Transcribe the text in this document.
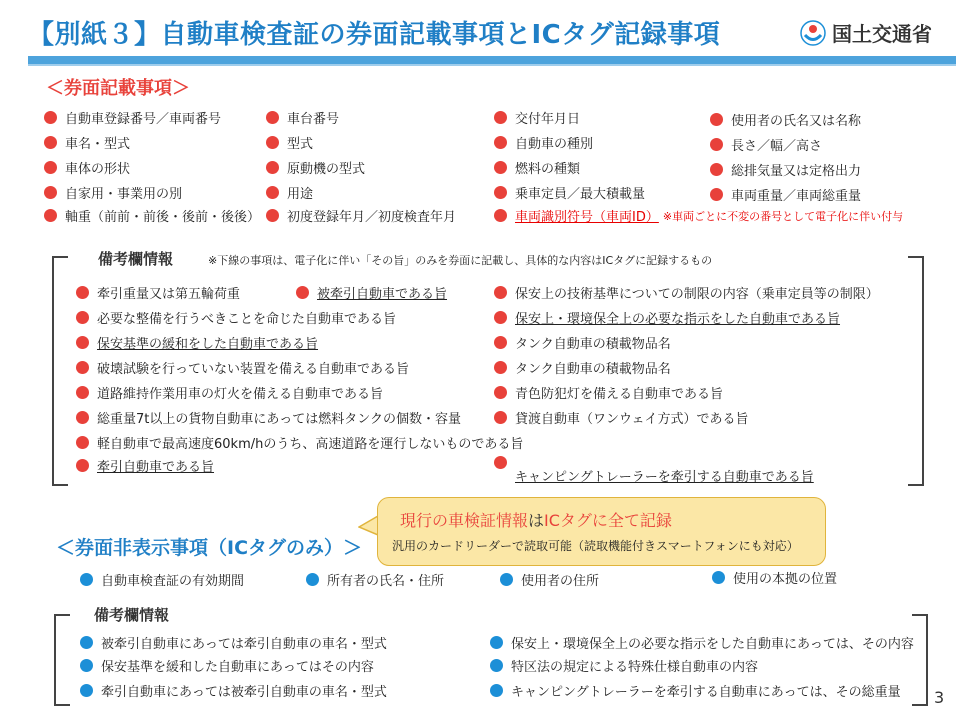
【別紙３】自動車検査証の券面記載事項とICタグ記録事項	国土交通省
＜券面記載事項＞
自動車登録番号／車両番号
車名・型式
車体の形状
自家用・事業用の別
軸重（前前・前後・後前・後後）
車台番号
型式
原動機の型式
用途
初度登録年月／初度検査年月
交付年月日
自動車の種別
燃料の種類
乗車定員／最大積載量
車両識別符号（車両ID） ※車両ごとに不変の番号として電子化に伴い付与
使用者の氏名又は名称
長さ／幅／高さ
総排気量又は定格出力
車両重量／車両総重量
備考欄情報	※下線の事項は、電子化に伴い「その旨」のみを券面に記載し、具体的な内容はICタグに記録するもの
牽引重量又は第五輪荷重	被牽引自動車である旨
必要な整備を行うべきことを命じた自動車である旨
保安基準の緩和をした自動車である旨
破壊試験を行っていない装置を備える自動車である旨
道路維持作業用車の灯火を備える自動車である旨
総重量7t以上の貨物自動車にあっては燃料タンクの個数・容量
軽自動車で最高速度60km/hのうち、高速道路を運行しないものである旨
牽引自動車である旨
保安上の技術基準についての制限の内容（乗車定員等の制限）
保安上・環境保全上の必要な指示をした自動車である旨
タンク自動車の積載物品名
タンク自動車の積載物品名
青色防犯灯を備える自動車である旨
貸渡自動車（ワンウェイ方式）である旨
キャンピングトレーラーを牽引する自動車である旨
現行の車検証情報はICタグに全て記録
汎用のカードリーダーで読取可能（読取機能付きスマートフォンにも対応）
＜券面非表示事項（ICタグのみ）＞
自動車検査証の有効期間	所有者の氏名・住所	使用者の住所	使用の本拠の位置
備考欄情報
被牽引自動車にあっては牽引自動車の車名・型式
保安基準を緩和した自動車にあってはその内容
牽引自動車にあっては被牽引自動車の車名・型式
保安上・環境保全上の必要な指示をした自動車にあっては、その内容
特区法の規定による特殊仕様自動車の内容
キャンピングトレーラーを牽引する自動車にあっては、その総重量 3
